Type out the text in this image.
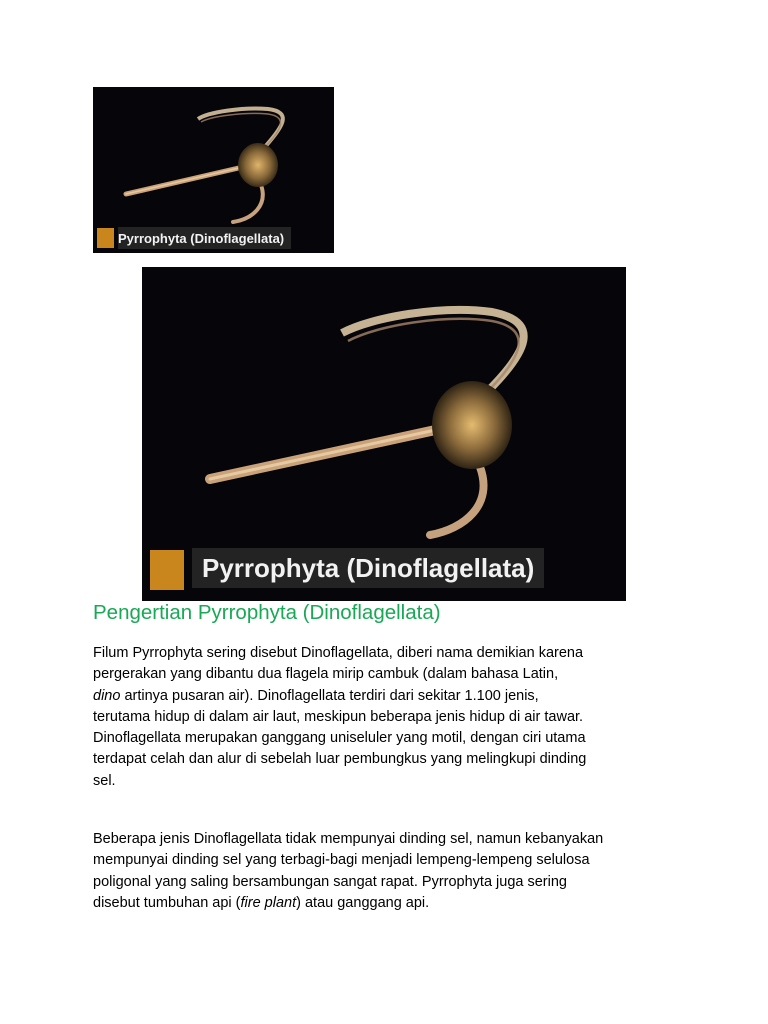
Pyrrophyta (Dinoflagellata)
Pyrrophyta (Dinoflagellata)
Pengertian Pyrrophyta (Dinoflagellata)

Filum Pyrrophyta sering disebut Dinoflagellata, diberi nama demikian karena
pergerakan yang dibantu dua flagela mirip cambuk (dalam bahasa Latin,
dino artinya pusaran air). Dinoflagellata terdiri dari sekitar 1.100 jenis,
terutama hidup di dalam air laut, meskipun beberapa jenis hidup di air tawar.
Dinoflagellata merupakan ganggang uniseluler yang motil, dengan ciri utama
terdapat celah dan alur di sebelah luar pembungkus yang melingkupi dinding
sel.

Beberapa jenis Dinoflagellata tidak mempunyai dinding sel, namun kebanyakan
mempunyai dinding sel yang terbagi-bagi menjadi lempeng-lempeng selulosa
poligonal yang saling bersambungan sangat rapat. Pyrrophyta juga sering
disebut tumbuhan api (fire plant) atau ganggang api.
